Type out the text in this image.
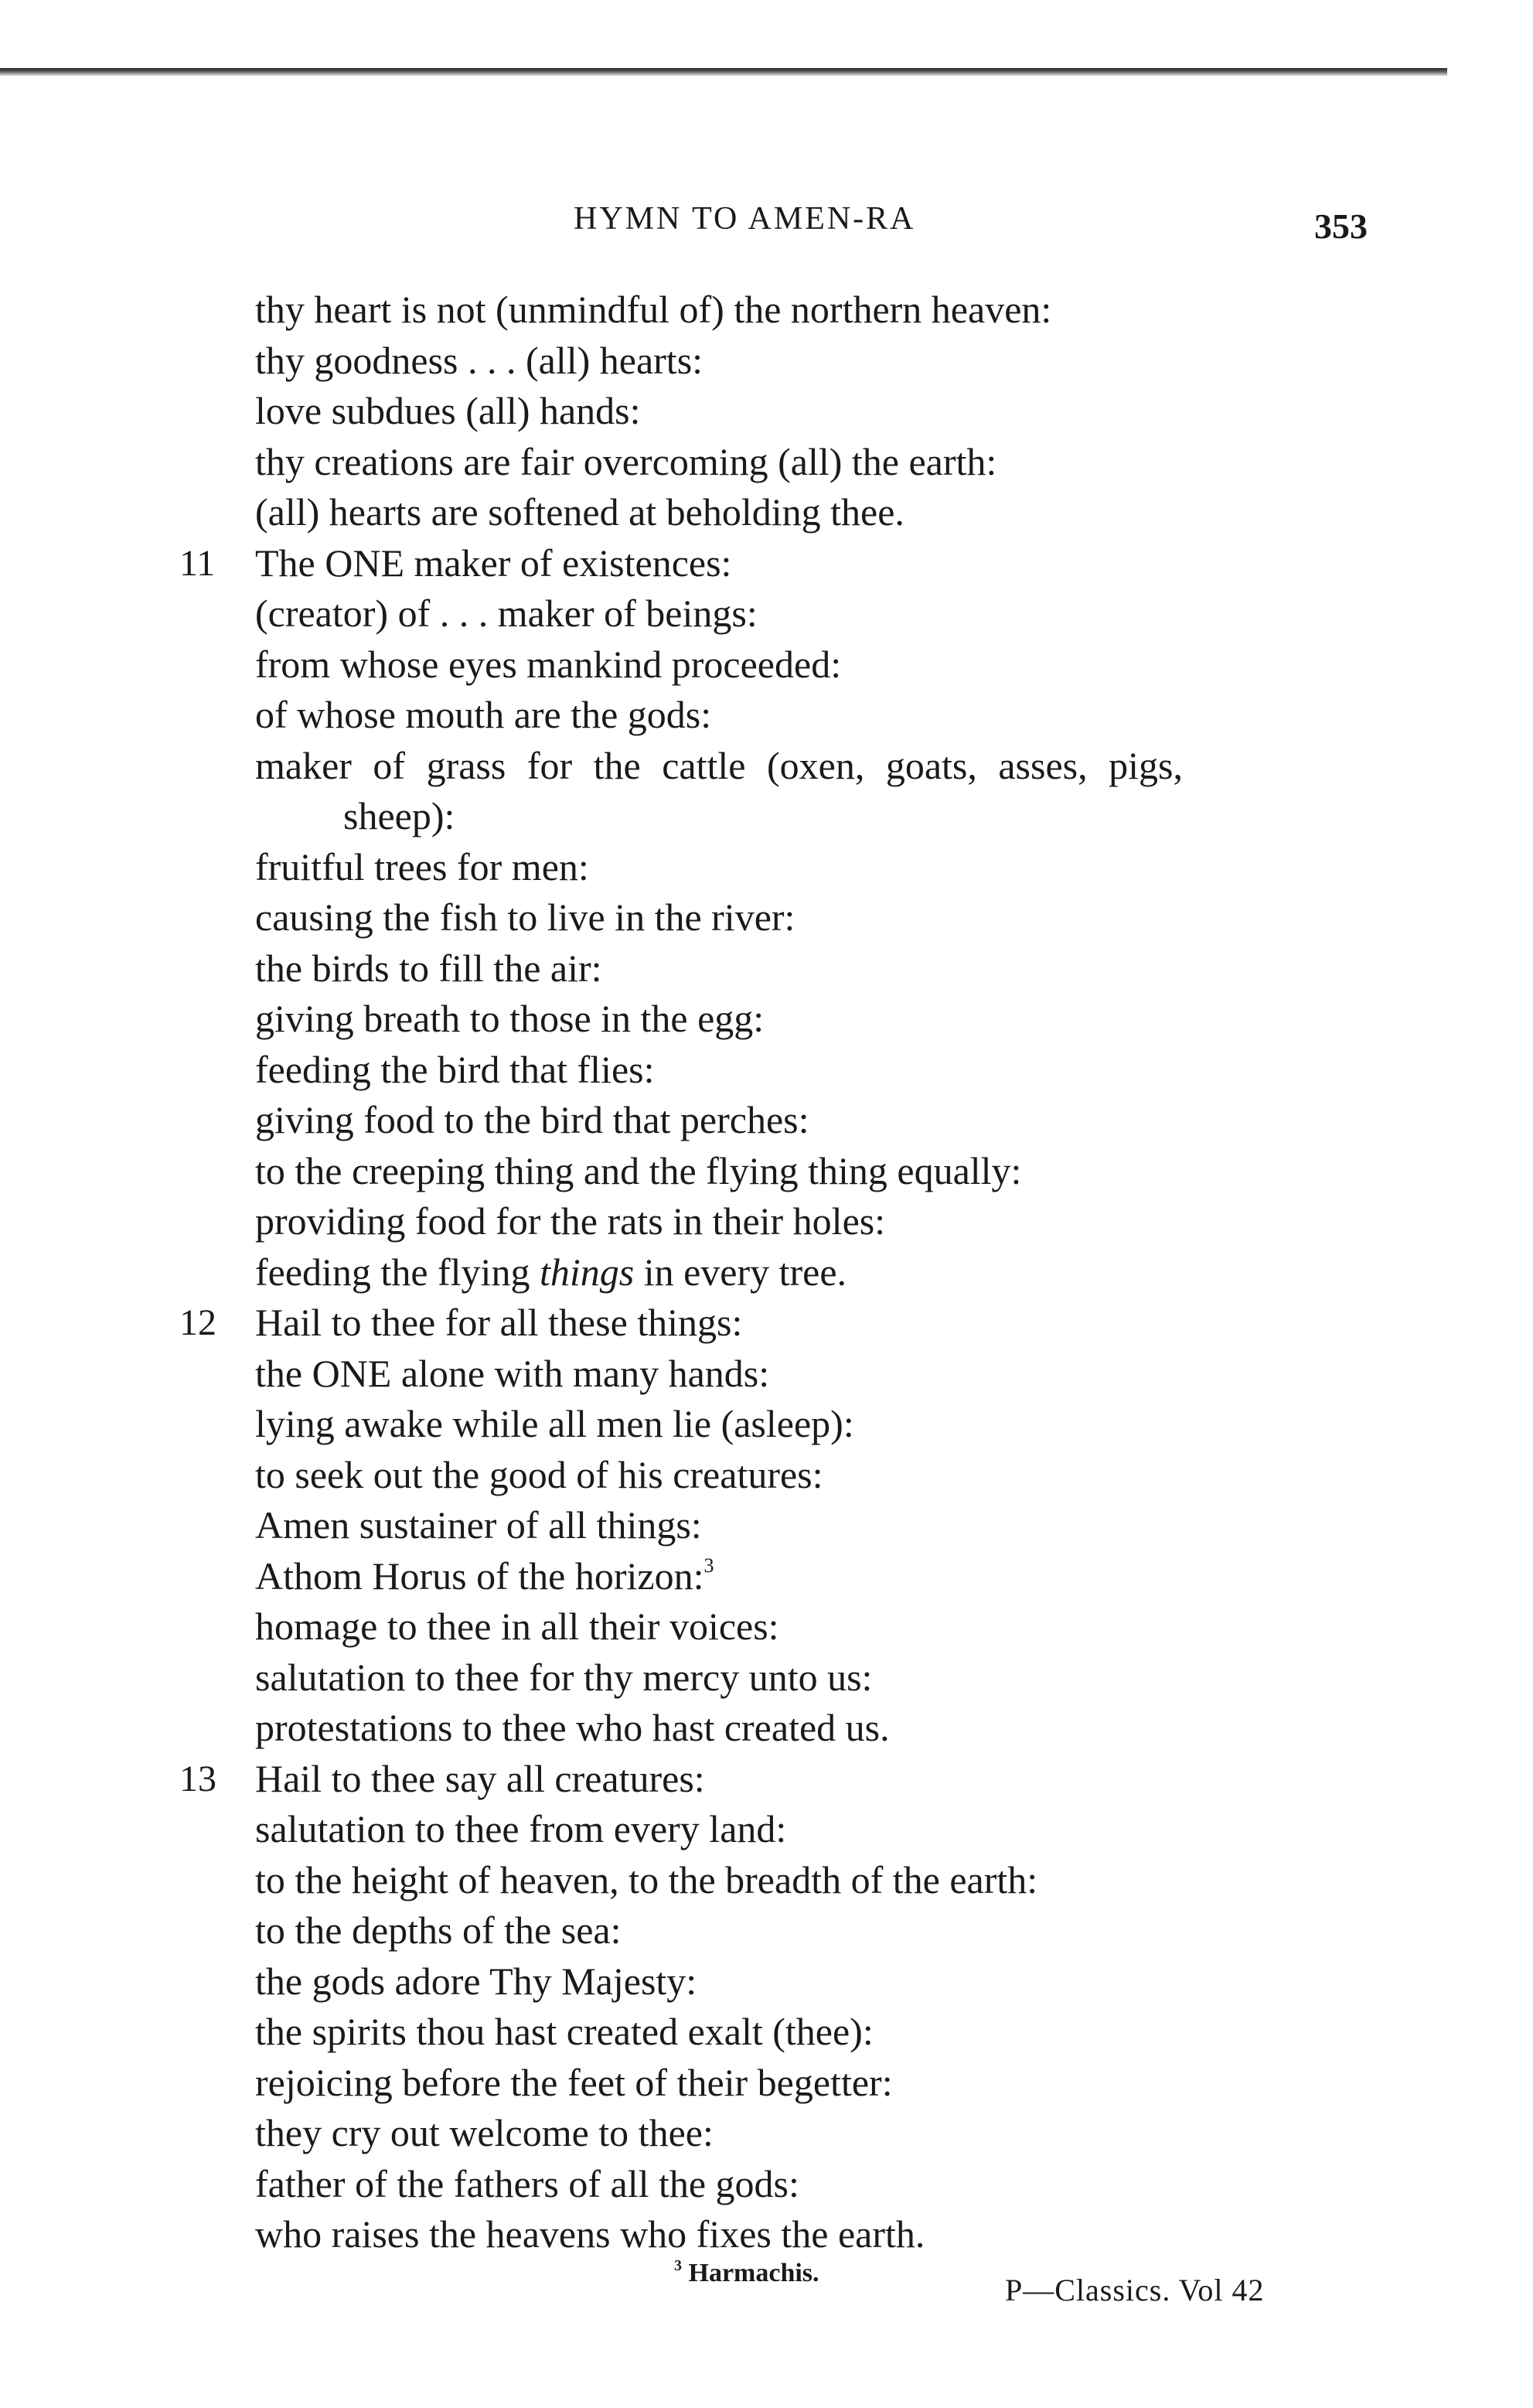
HYMN TO AMEN-RA	353
thy heart is not (unmindful of) the northern heaven:
thy goodness . . . (all) hearts:
love subdues (all) hands:
thy creations are fair overcoming (all) the earth:
(all) hearts are softened at beholding thee.
11 The ONE maker of existences:
(creator) of . . . maker of beings:
from whose eyes mankind proceeded:
of whose mouth are the gods:
maker of grass for the cattle (oxen, goats, asses, pigs,
sheep):
fruitful trees for men:
causing the fish to live in the river:
the birds to fill the air:
giving breath to those in the egg:
feeding the bird that flies:
giving food to the bird that perches:
to the creeping thing and the flying thing equally:
providing food for the rats in their holes:
feeding the flying things in every tree.
12 Hail to thee for all these things:
the ONE alone with many hands:
lying awake while all men lie (asleep):
to seek out the good of his creatures:
Amen sustainer of all things:
Athom Horus of the horizon:$^3$
homage to thee in all their voices:
salutation to thee for thy mercy unto us:
protestations to thee who hast created us.
13 Hail to thee say all creatures:
salutation to thee from every land:
to the height of heaven, to the breadth of the earth:
to the depths of the sea:
the gods adore Thy Majesty:
the spirits thou hast created exalt (thee):
rejoicing before the feet of their begetter:
they cry out welcome to thee:
father of the fathers of all the gods:
who raises the heavens who fixes the earth.
$^3$ Harmachis.	P—Classics. Vol 42
